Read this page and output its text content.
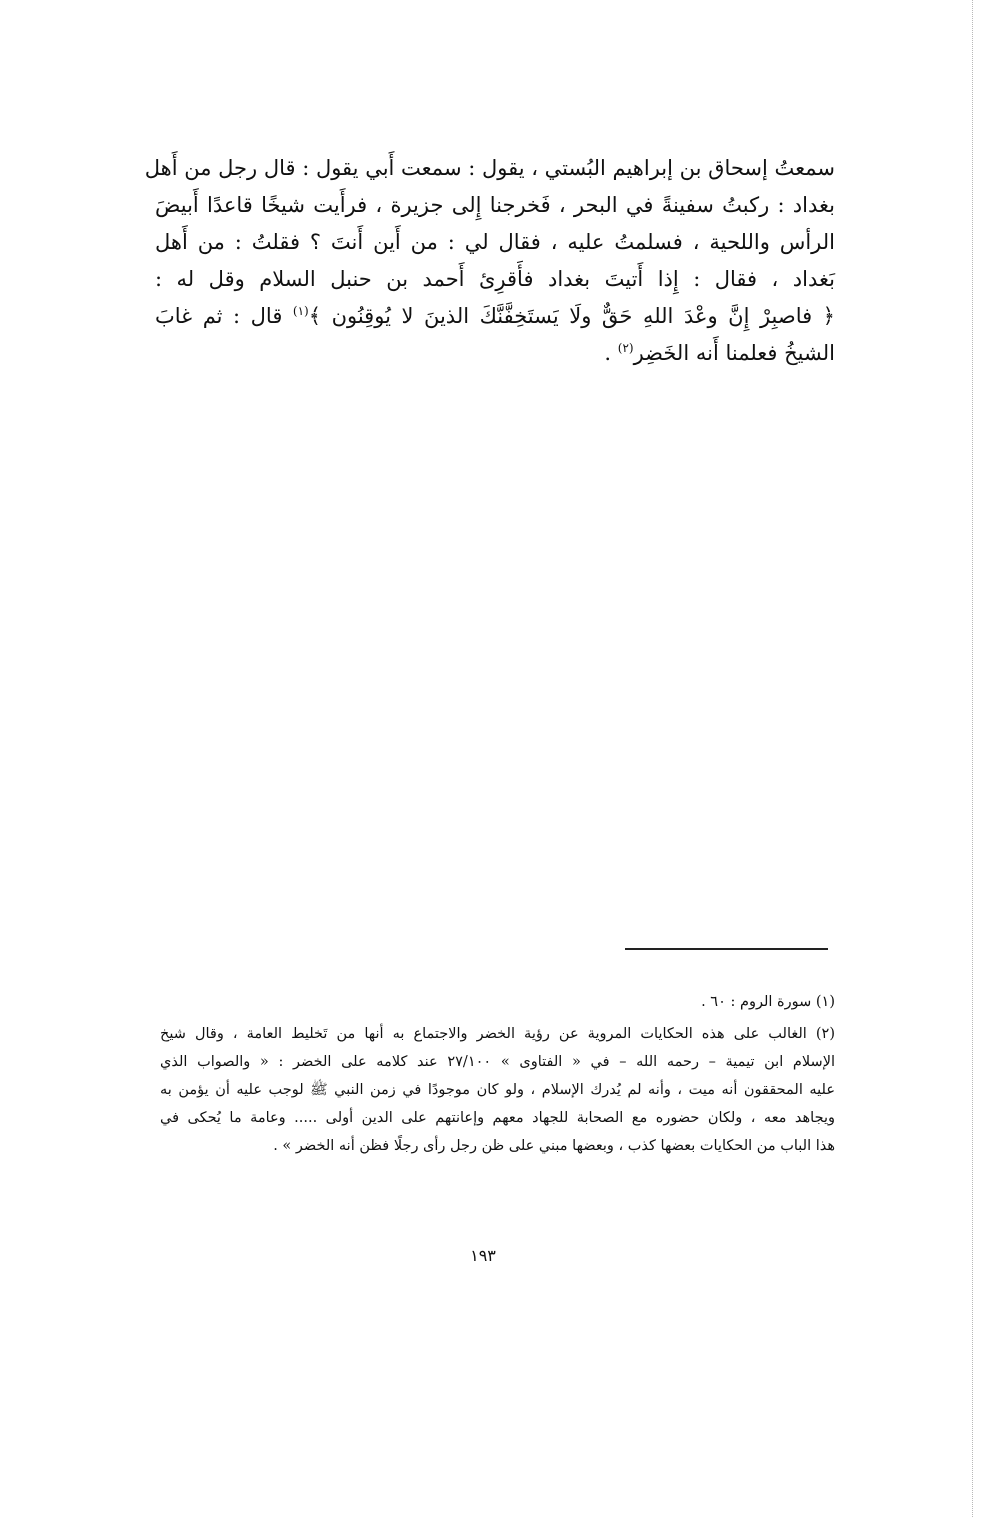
سمعتُ إسحاق بن إبراهيم البُستي ، يقول : سمعت أَبي يقول : قال رجل من أَهل
بغداد : ركبتُ سفينةً في البحر ، فَخرجنا إِلى جزيرة ، فرأَيت شيخًا قاعدًا أَبيضَ
الرأس واللحية ، فسلمتُ عليه ، فقال لي : من أَين أَنتَ ؟ فقلتُ : من أَهل
بَغداد ، فقال : إِذا أَتيتَ بغداد فأَقرِئ أَحمد بن حنبل السلام وقل له :
﴿ فاصبِرْ إِنَّ وعْدَ اللهِ حَقٌّ ولَا يَستَخِفَّنَّكَ الذينَ لا يُوقِنُون ﴾$^{(١)}$ قال : ثم غابَ
الشيخُ فعلمنا أَنه الخَضِر$^{(٢)}$ .

(١) سورة الروم : ٦٠ .

(٢) الغالب على هذه الحكايات المروية عن رؤية الخضر والاجتماع به أنها من تَخليط العامة ، وقال شيخ
الإسلام ابن تيمية – رحمه الله – في « الفتاوى » ٢٧/١٠٠ عند كلامه على الخضر : « والصواب الذي
عليه المحققون أنه ميت ، وأنه لم يُدرك الإسلام ، ولو كان موجودًا في زمن النبي ﷺ لوجب عليه أن يؤمن به
ويجاهد معه ، ولكان حضوره مع الصحابة للجهاد معهم وإعانتهم على الدين أولى ..... وعامة ما يُحكى في
هذا الباب من الحكايات بعضها كذب ، وبعضها مبني على ظن رجل رأى رجلًا فظن أنه الخضر » .

١٩٣
